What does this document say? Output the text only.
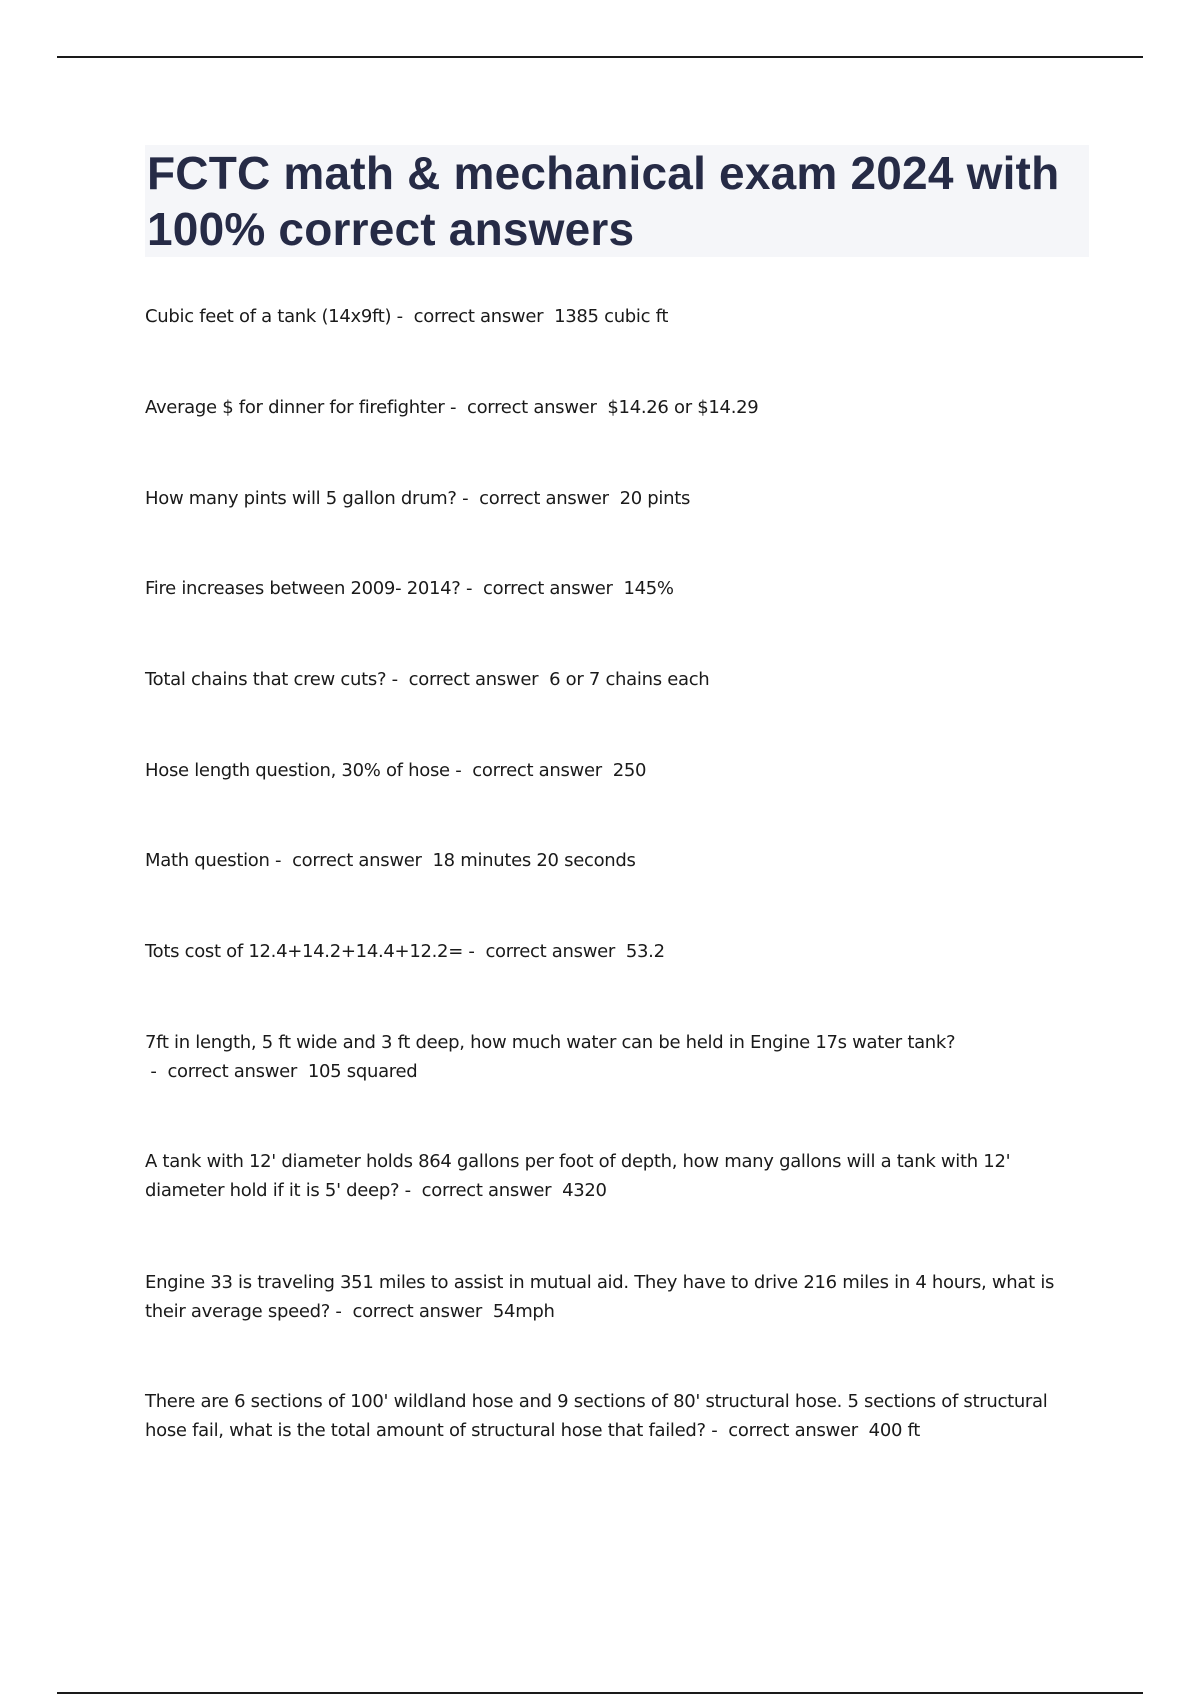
FCTC math & mechanical exam 2024 with 100% correct answers
Cubic feet of a tank (14x9ft) -  correct answer  1385 cubic ft
Average $ for dinner for firefighter -  correct answer  $14.26 or $14.29
How many pints will 5 gallon drum? -  correct answer  20 pints
Fire increases between 2009- 2014? -  correct answer  145%
Total chains that crew cuts? -  correct answer  6 or 7 chains each
Hose length question, 30% of hose -  correct answer  250
Math question -  correct answer  18 minutes 20 seconds
Tots cost of 12.4+14.2+14.4+12.2= -  correct answer  53.2
7ft in length, 5 ft wide and 3 ft deep, how much water can be held in Engine 17s water tank? -  correct answer  105 squared
A tank with 12' diameter holds 864 gallons per foot of depth, how many gallons will a tank with 12' diameter hold if it is 5' deep? -  correct answer  4320
Engine 33 is traveling 351 miles to assist in mutual aid. They have to drive 216 miles in 4 hours, what is their average speed? -  correct answer  54mph
There are 6 sections of 100' wildland hose and 9 sections of 80' structural hose. 5 sections of structural hose fail, what is the total amount of structural hose that failed? -  correct answer  400 ft
